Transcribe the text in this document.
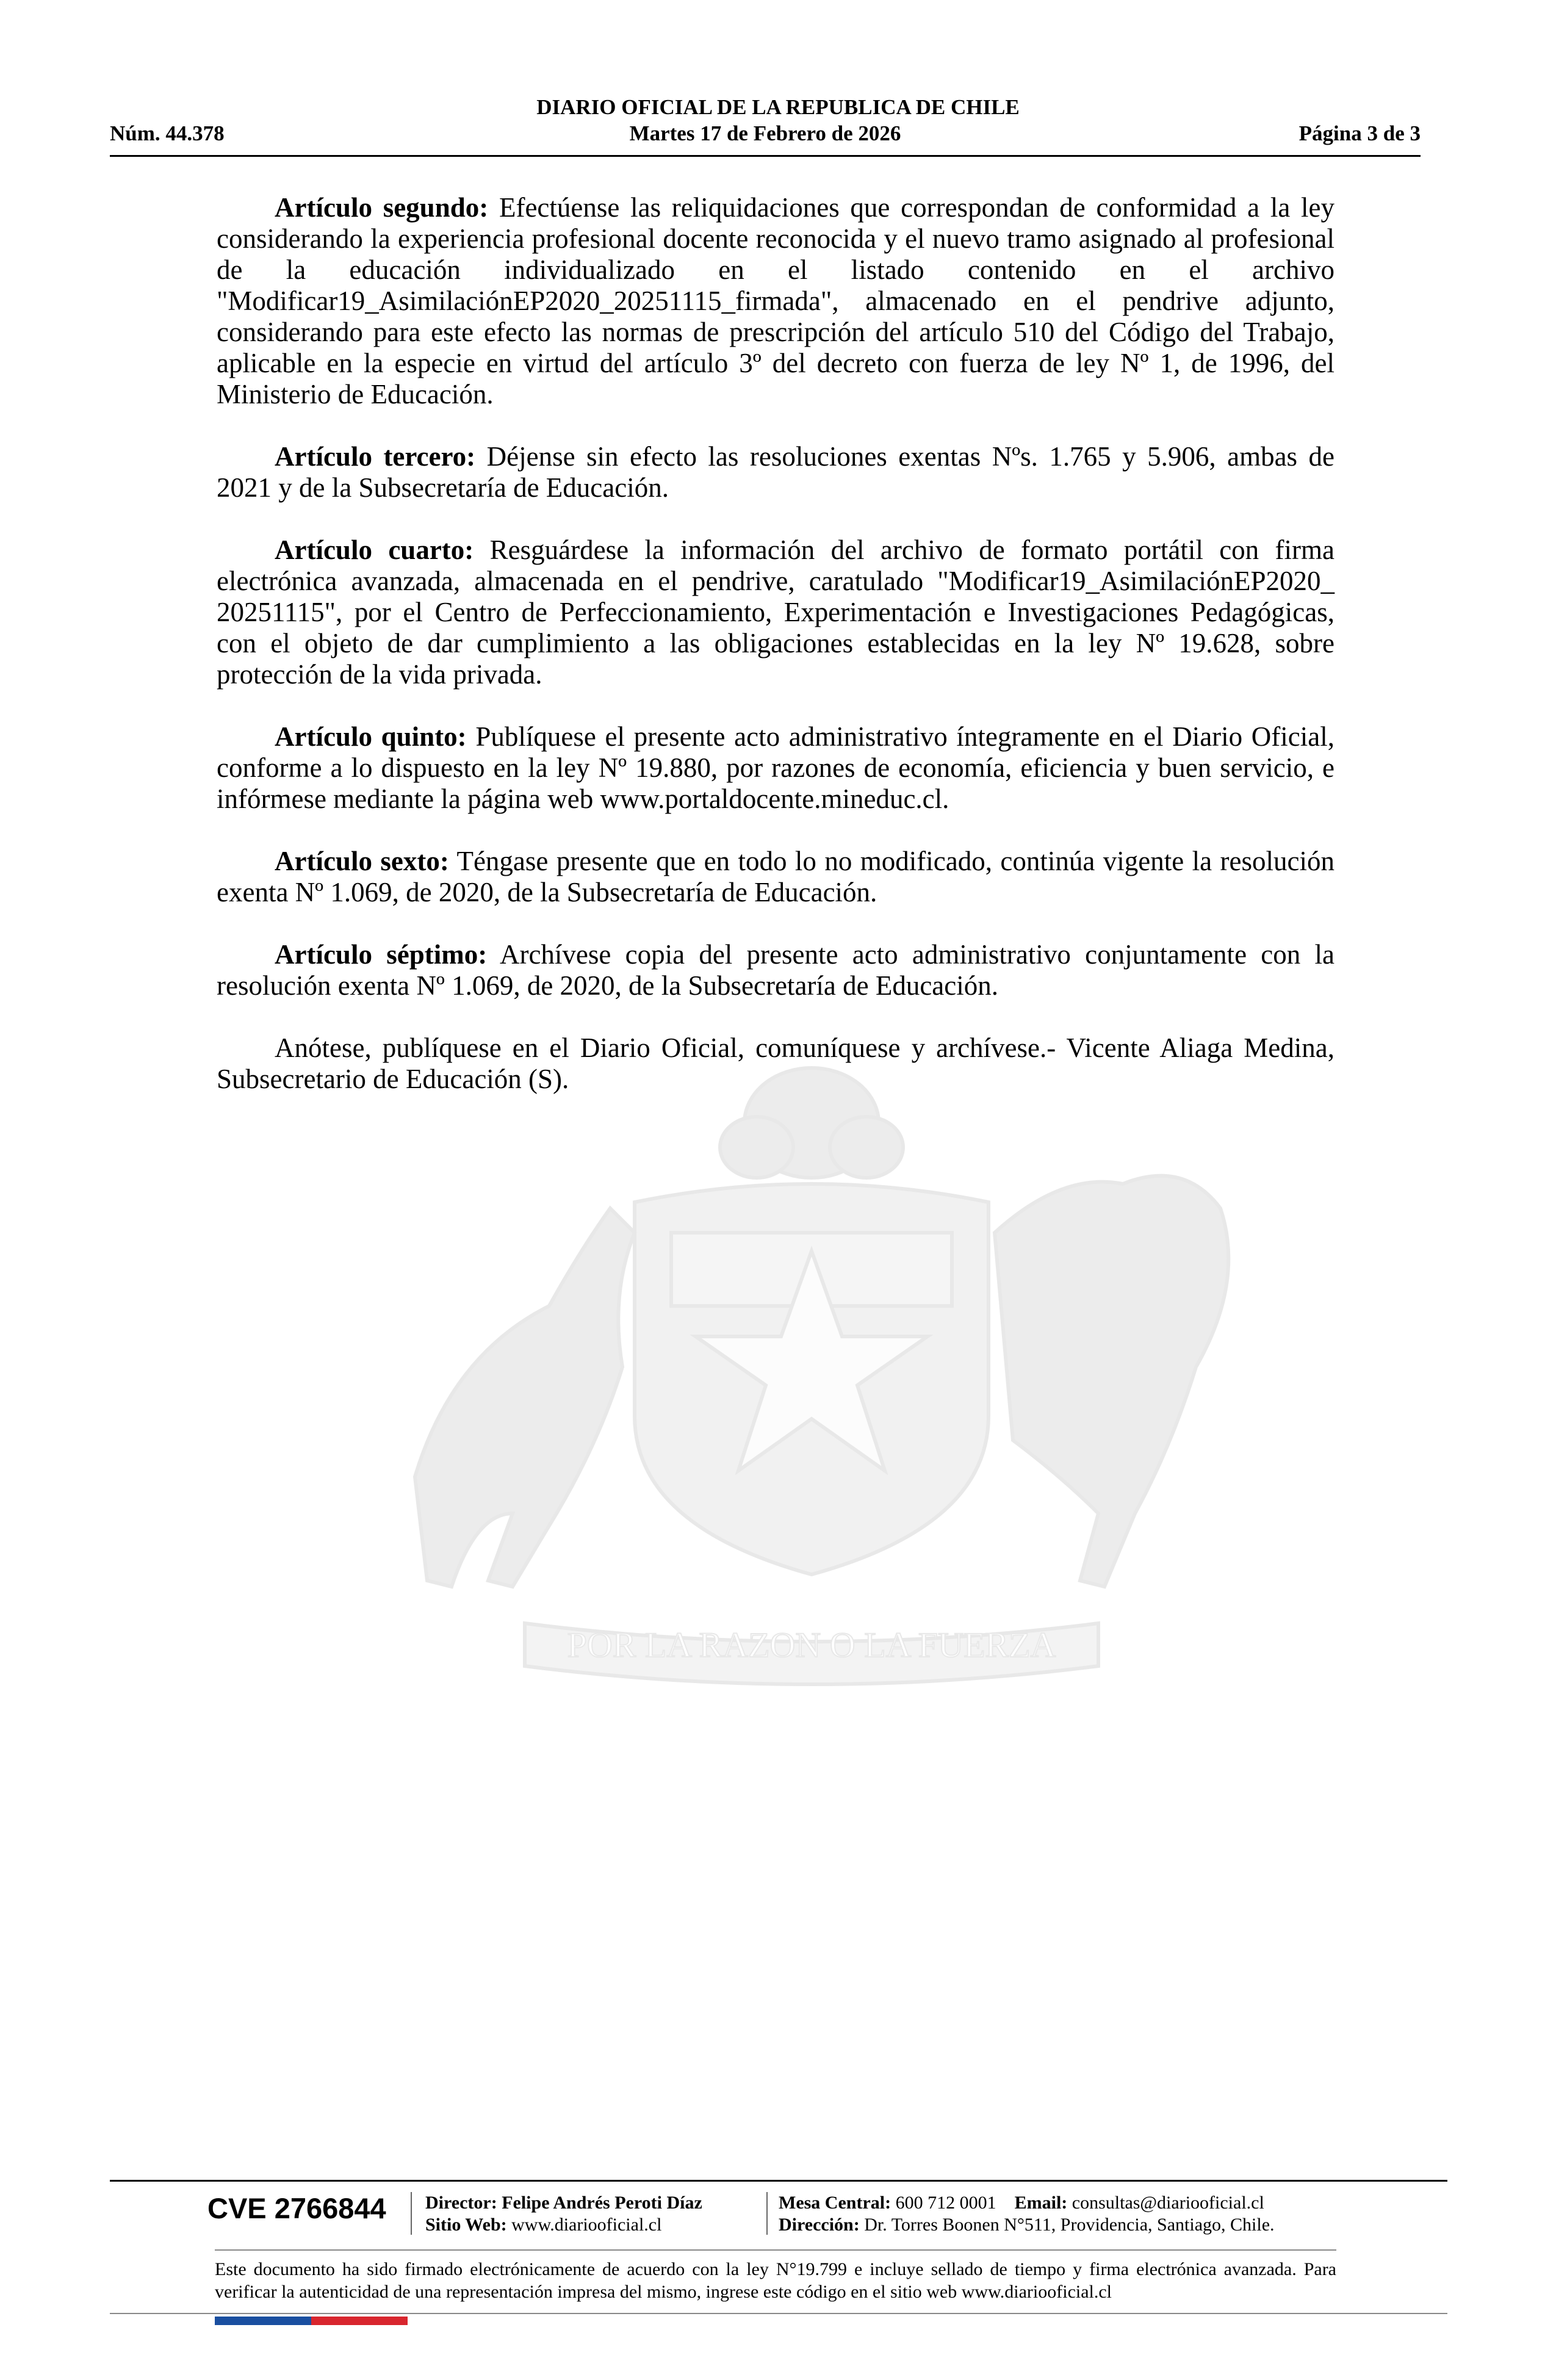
DIARIO OFICIAL DE LA REPUBLICA DE CHILE
Núm. 44.378	Martes 17 de Febrero de 2026	Página 3 de 3
POR LA RAZON O LA FUERZA

Artículo segundo: Efectúense las reliquidaciones que correspondan de conformidad a la ley considerando la experiencia profesional docente reconocida y el nuevo tramo asignado al profesional de la educación individualizado en el listado contenido en el archivo "Modificar19_AsimilaciónEP2020_20251115_firmada", almacenado en el pendrive adjunto, considerando para este efecto las normas de prescripción del artículo 510 del Código del Trabajo, aplicable en la especie en virtud del artículo 3º del decreto con fuerza de ley Nº 1, de 1996, del Ministerio de Educación.

Artículo tercero: Déjense sin efecto las resoluciones exentas Nºs. 1.765 y 5.906, ambas de 2021 y de la Subsecretaría de Educación.

Artículo cuarto: Resguárdese la información del archivo de formato portátil con firma electrónica avanzada, almacenada en el pendrive, caratulado "Modificar19_AsimilaciónEP2020_ 20251115", por el Centro de Perfeccionamiento, Experimentación e Investigaciones Pedagógicas, con el objeto de dar cumplimiento a las obligaciones establecidas en la ley Nº 19.628, sobre protección de la vida privada.

Artículo quinto: Publíquese el presente acto administrativo íntegramente en el Diario Oficial, conforme a lo dispuesto en la ley Nº 19.880, por razones de economía, eficiencia y buen servicio, e infórmese mediante la página web www.portaldocente.mineduc.cl.

Artículo sexto: Téngase presente que en todo lo no modificado, continúa vigente la resolución exenta Nº 1.069, de 2020, de la Subsecretaría de Educación.

Artículo séptimo: Archívese copia del presente acto administrativo conjuntamente con la resolución exenta Nº 1.069, de 2020, de la Subsecretaría de Educación.

Anótese, publíquese en el Diario Oficial, comuníquese y archívese.- Vicente Aliaga Medina, Subsecretario de Educación (S).

CVE 2766844 Director: Felipe Andrés Peroti Díaz
Sitio Web: www.diariooficial.cl
Mesa Central: 600 712 0001 Email: consultas@diariooficial.cl
Dirección: Dr. Torres Boonen N°511, Providencia, Santiago, Chile.
Este documento ha sido firmado electrónicamente de acuerdo con la ley N°19.799 e incluye sellado de tiempo y firma electrónica avanzada. Para verificar la autenticidad de una representación impresa del mismo, ingrese este código en el sitio web www.diariooficial.cl
